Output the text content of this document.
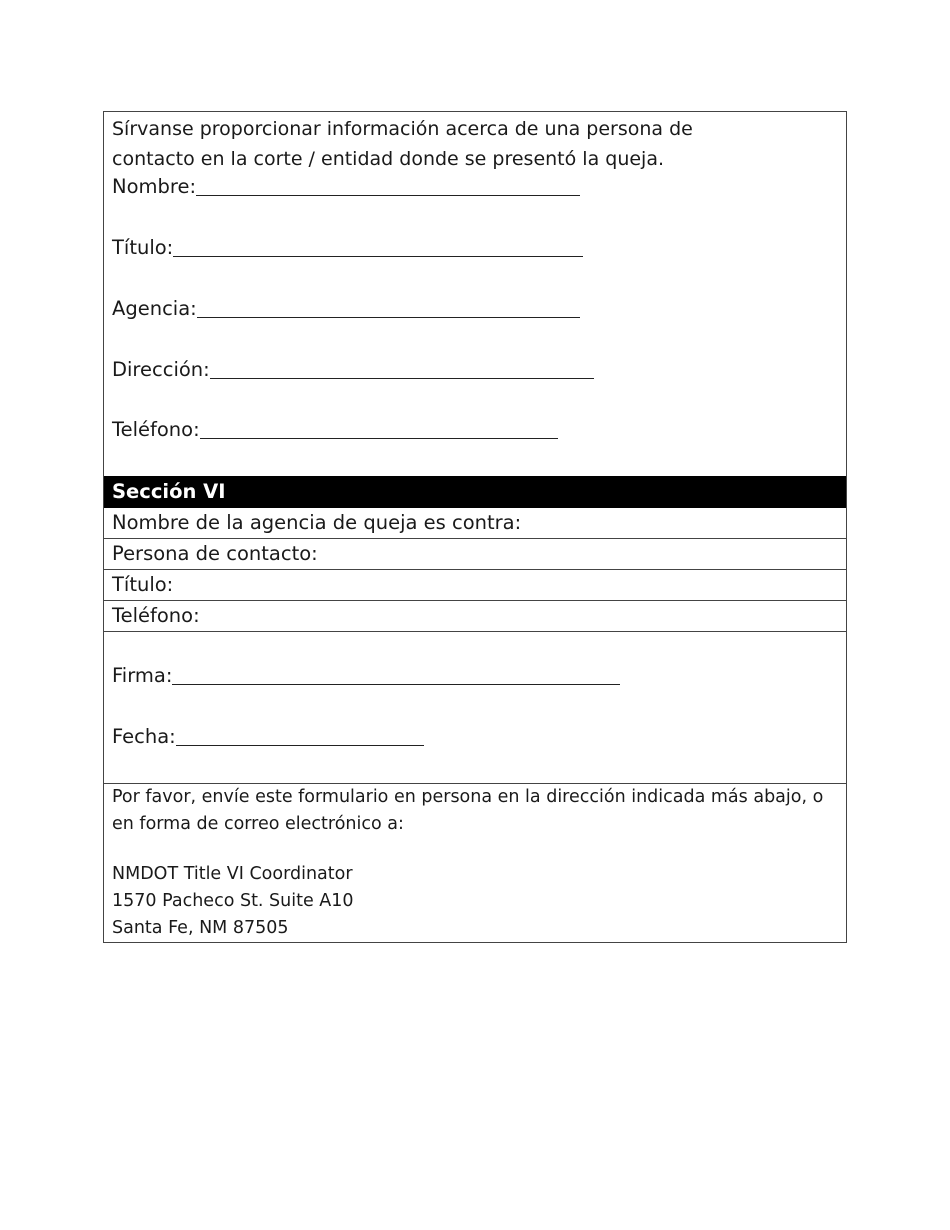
Sírvanse proporcionar información acerca de una persona de
contacto en la corte / entidad donde se presentó la queja.
Nombre:
Título:
Agencia:
Dirección:
Teléfono:
Sección VI
Nombre de la agencia de queja es contra:
Persona de contacto:
Título:
Teléfono:
Firma:
Fecha:
Por favor, envíe este formulario en persona en la dirección indicada más abajo, o en forma de correo electrónico a:
NMDOT Title VI Coordinator
1570 Pacheco St. Suite A10
Santa Fe, NM 87505
